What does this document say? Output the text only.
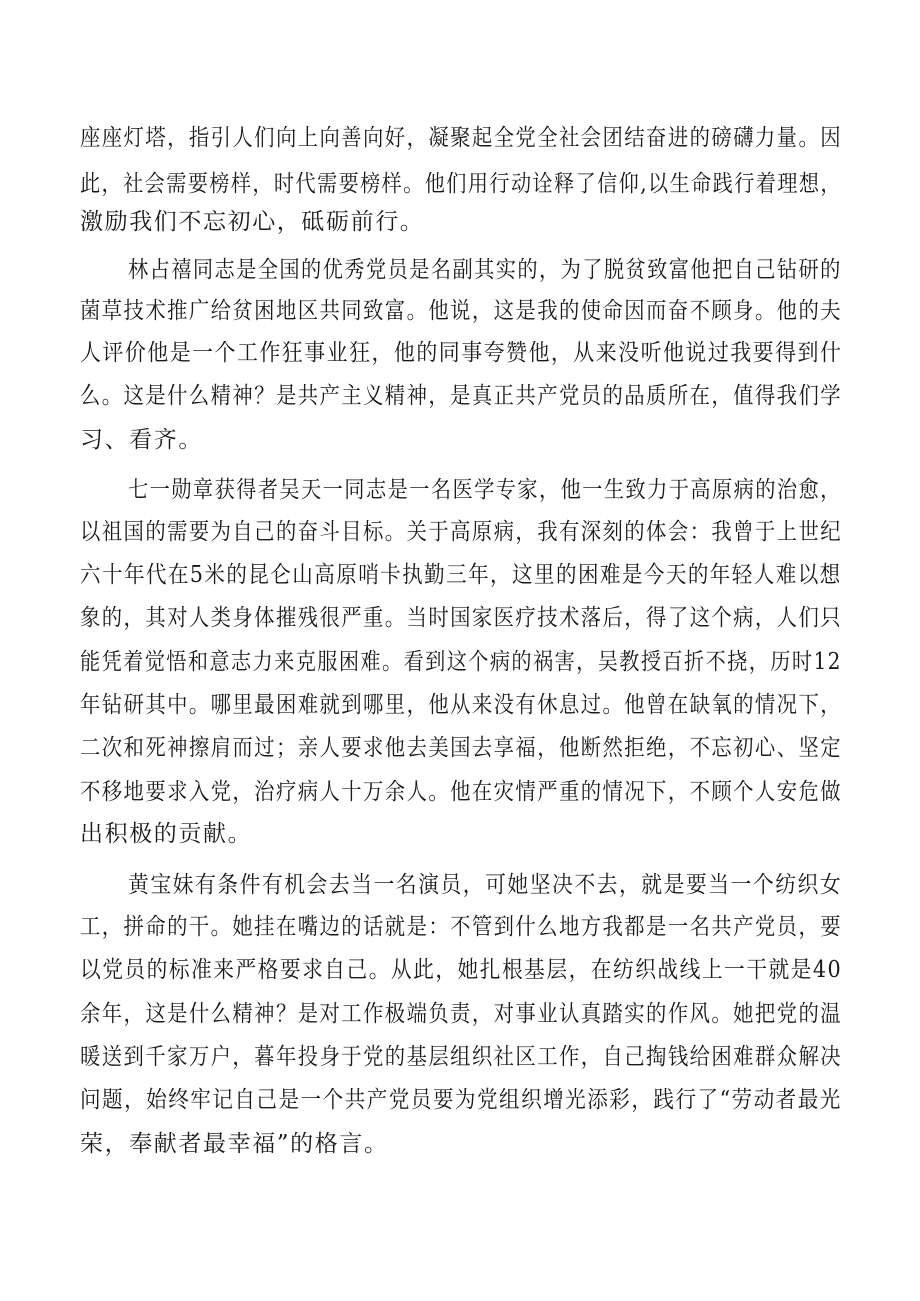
座座灯塔，指引人们向上向善向好，凝聚起全党全社会团结奋进的磅礴力量。因
此，社会需要榜样，时代需要榜样。他们用行动诠释了信仰,以生命践行着理想，
激励我们不忘初心，砥砺前行。
林占禧同志是全国的优秀党员是名副其实的，为了脱贫致富他把自己钻研的
菌草技术推广给贫困地区共同致富。他说，这是我的使命因而奋不顾身。他的夫
人评价他是一个工作狂事业狂，他的同事夸赞他，从来没听他说过我要得到什
么。这是什么精神？是共产主义精神，是真正共产党员的品质所在，值得我们学
习、看齐。
七一勋章获得者吴天一同志是一名医学专家，他一生致力于高原病的治愈，
以祖国的需要为自己的奋斗目标。关于高原病，我有深刻的体会：我曾于上世纪
六十年代在5米的昆仑山高原哨卡执勤三年，这里的困难是今天的年轻人难以想
象的，其对人类身体摧残很严重。当时国家医疗技术落后，得了这个病，人们只
能凭着觉悟和意志力来克服困难。看到这个病的祸害，吴教授百折不挠，历时12
年钻研其中。哪里最困难就到哪里，他从来没有休息过。他曾在缺氧的情况下，
二次和死神擦肩而过；亲人要求他去美国去享福，他断然拒绝，不忘初心、坚定
不移地要求入党，治疗病人十万余人。他在灾情严重的情况下，不顾个人安危做
出积极的贡献。
黄宝妹有条件有机会去当一名演员，可她坚决不去，就是要当一个纺织女
工，拼命的干。她挂在嘴边的话就是：不管到什么地方我都是一名共产党员，要
以党员的标准来严格要求自己。从此，她扎根基层，在纺织战线上一干就是40
余年，这是什么精神？是对工作极端负责，对事业认真踏实的作风。她把党的温
暖送到千家万户，暮年投身于党的基层组织社区工作，自己掏钱给困难群众解决
问题，始终牢记自己是一个共产党员要为党组织增光添彩，践行了“劳动者最光
荣，奉献者最幸福”的格言。
